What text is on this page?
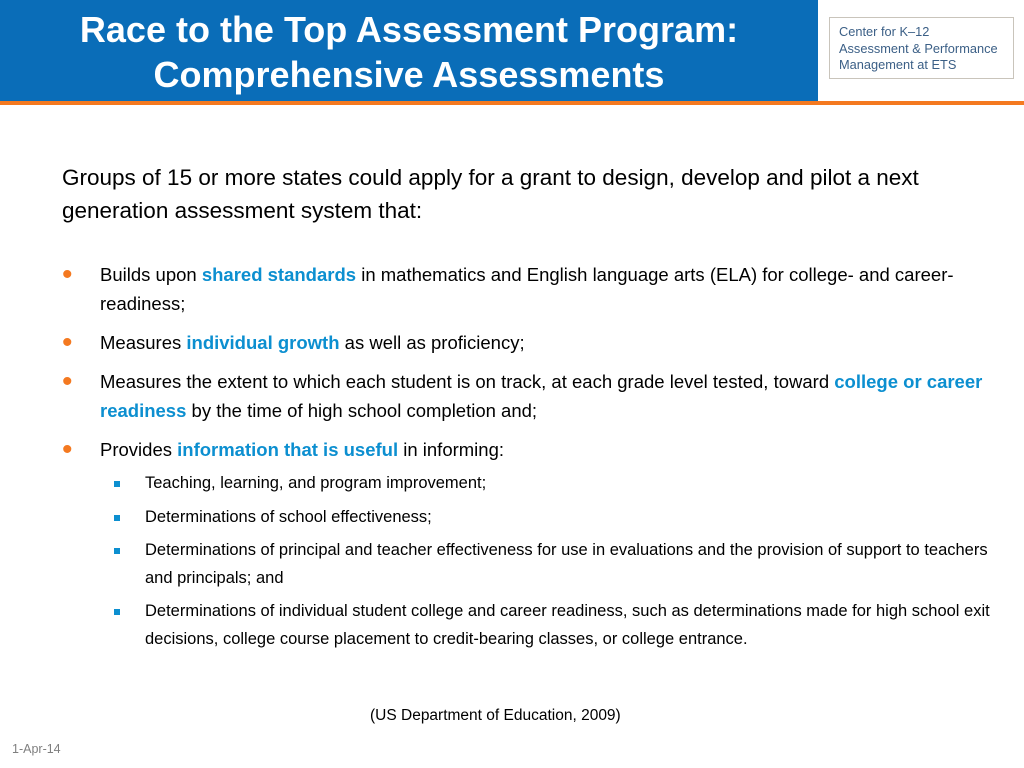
Race to the Top Assessment Program:
Comprehensive Assessments
Center for K–12
Assessment & Performance
Management at ETS

Groups of 15 or more states could apply for a grant to design, develop and pilot a next generation assessment system that:

• Builds upon shared standards in mathematics and English language arts (ELA) for college- and career-readiness;
• Measures individual growth as well as proficiency;
• Measures the extent to which each student is on track, at each grade level tested, toward college or career readiness by the time of high school completion and;
• Provides information that is useful in informing:
Teaching, learning, and program improvement;
Determinations of school effectiveness;
Determinations of principal and teacher effectiveness for use in evaluations and the provision of support to teachers and principals; and
Determinations of individual student college and career readiness, such as determinations made for high school exit decisions, college course placement to credit-bearing classes, or college entrance.
(US Department of Education, 2009)
1-Apr-14
